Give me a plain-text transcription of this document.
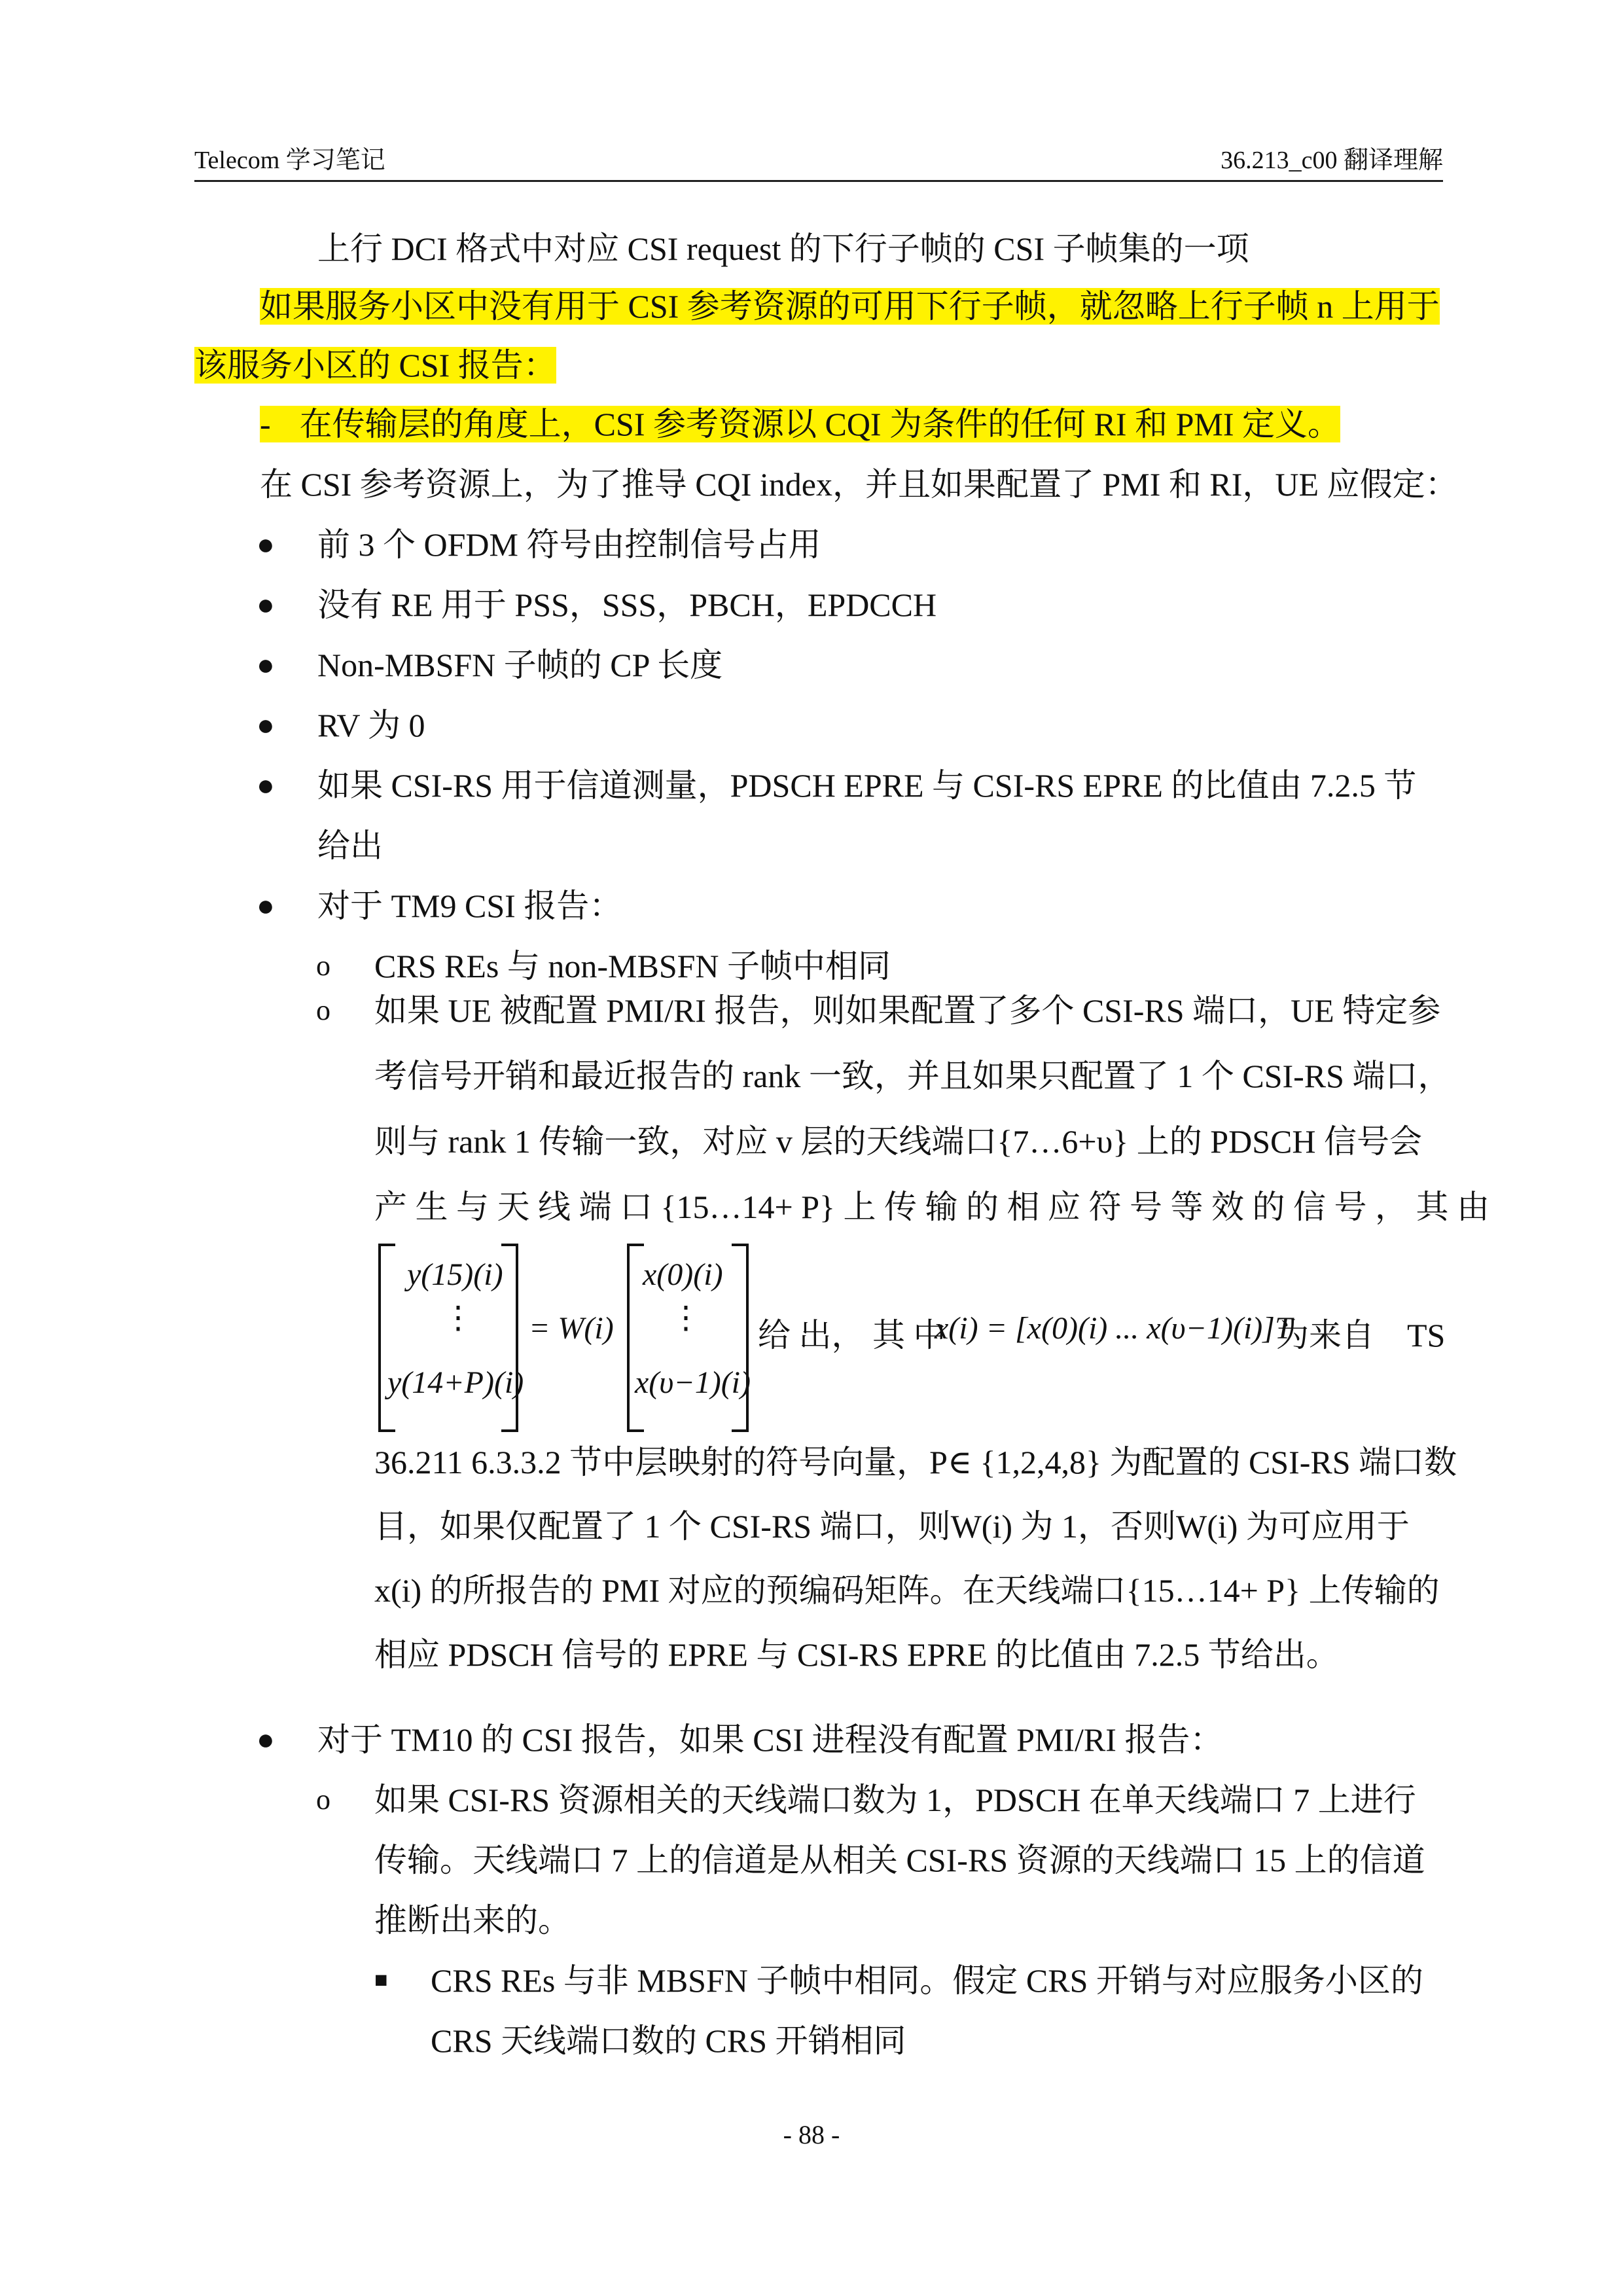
Telecom 学习笔记	36.213_c00 翻译理解
上行 DCI 格式中对应 CSI request 的下行子帧的 CSI 子帧集的一项
如果服务小区中没有用于 CSI 参考资源的可用下行子帧，就忽略上行子帧 n 上用于
该服务小区的 CSI 报告：
- 在传输层的角度上，CSI 参考资源以 CQI 为条件的任何 RI 和 PMI 定义。
在 CSI 参考资源上，为了推导 CQI index，并且如果配置了 PMI 和 RI，UE 应假定：
● 前 3 个 OFDM 符号由控制信号占用
● 没有 RE 用于 PSS，SSS，PBCH，EPDCCH
● Non-MBSFN 子帧的 CP 长度
● RV 为 0
● 如果 CSI-RS 用于信道测量，PDSCH EPRE 与 CSI-RS EPRE 的比值由 7.2.5 节
给出
● 对于 TM9 CSI 报告：
o CRS REs 与 non-MBSFN 子帧中相同
o 如果 UE 被配置 PMI/RI 报告，则如果配置了多个 CSI-RS 端口，UE 特定参
考信号开销和最近报告的 rank 一致，并且如果只配置了 1 个 CSI-RS 端口，
则与 rank 1 传输一致，对应 v 层的天线端口{7…6+υ} 上的 PDSCH 信号会
产 生 与 天 线 端 口 {15…14+ P} 上 传 输 的 相 应 符 号 等 效 的 信 号 ， 其 由
y(15)(i)
⋮
y(14+P)(i)
= W(i)
x(0)(i)
⋮
x(υ−1)(i)
给 出， 其 中
x(i) = [x(0)(i) ... x(υ−1)(i)]T
为来自　TS
36.211 6.3.3.2 节中层映射的符号向量，P∈ {1,2,4,8} 为配置的 CSI-RS 端口数
目，如果仅配置了 1 个 CSI-RS 端口，则W(i) 为 1，否则W(i) 为可应用于
x(i) 的所报告的 PMI 对应的预编码矩阵。在天线端口{15…14+ P} 上传输的
相应 PDSCH 信号的 EPRE 与 CSI-RS EPRE 的比值由 7.2.5 节给出。
● 对于 TM10 的 CSI 报告，如果 CSI 进程没有配置 PMI/RI 报告：
o 如果 CSI-RS 资源相关的天线端口数为 1，PDSCH 在单天线端口 7 上进行
传输。天线端口 7 上的信道是从相关 CSI-RS 资源的天线端口 15 上的信道
推断出来的。
■ CRS REs 与非 MBSFN 子帧中相同。假定 CRS 开销与对应服务小区的
CRS 天线端口数的 CRS 开销相同
- 88 -
